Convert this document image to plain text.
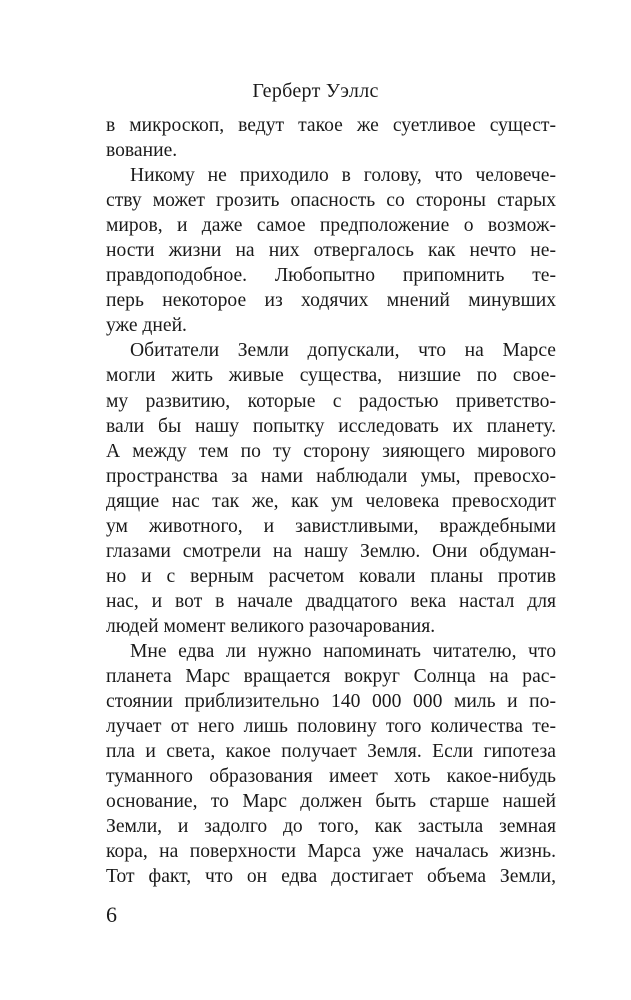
Герберт Уэллс
в микроскоп, ведут такое же суетливое сущест-
вование.
Никому не приходило в голову, что человече-
ству может грозить опасность со стороны старых
миров, и даже самое предположение о возмож-
ности жизни на них отвергалось как нечто не-
правдоподобное. Любопытно припомнить те-
перь некоторое из ходячих мнений минувших
уже дней.
Обитатели Земли допускали, что на Марсе
могли жить живые существа, низшие по свое-
му развитию, которые с радостью приветство-
вали бы нашу попытку исследовать их планету.
А между тем по ту сторону зияющего мирового
пространства за нами наблюдали умы, превосхо-
дящие нас так же, как ум человека превосходит
ум животного, и завистливыми, враждебными
глазами смотрели на нашу Землю. Они обдуман-
но и с верным расчетом ковали планы против
нас, и вот в начале двадцатого века настал для
людей момент великого разочарования.
Мне едва ли нужно напоминать читателю, что
планета Марс вращается вокруг Солнца на рас-
стоянии приблизительно 140 000 000 миль и по-
лучает от него лишь половину того количества те-
пла и света, какое получает Земля. Если гипотеза
туманного образования имеет хоть какое-нибудь
основание, то Марс должен быть старше нашей
Земли, и задолго до того, как застыла земная
кора, на поверхности Марса уже началась жизнь.
Тот факт, что он едва достигает объема Земли,
6
